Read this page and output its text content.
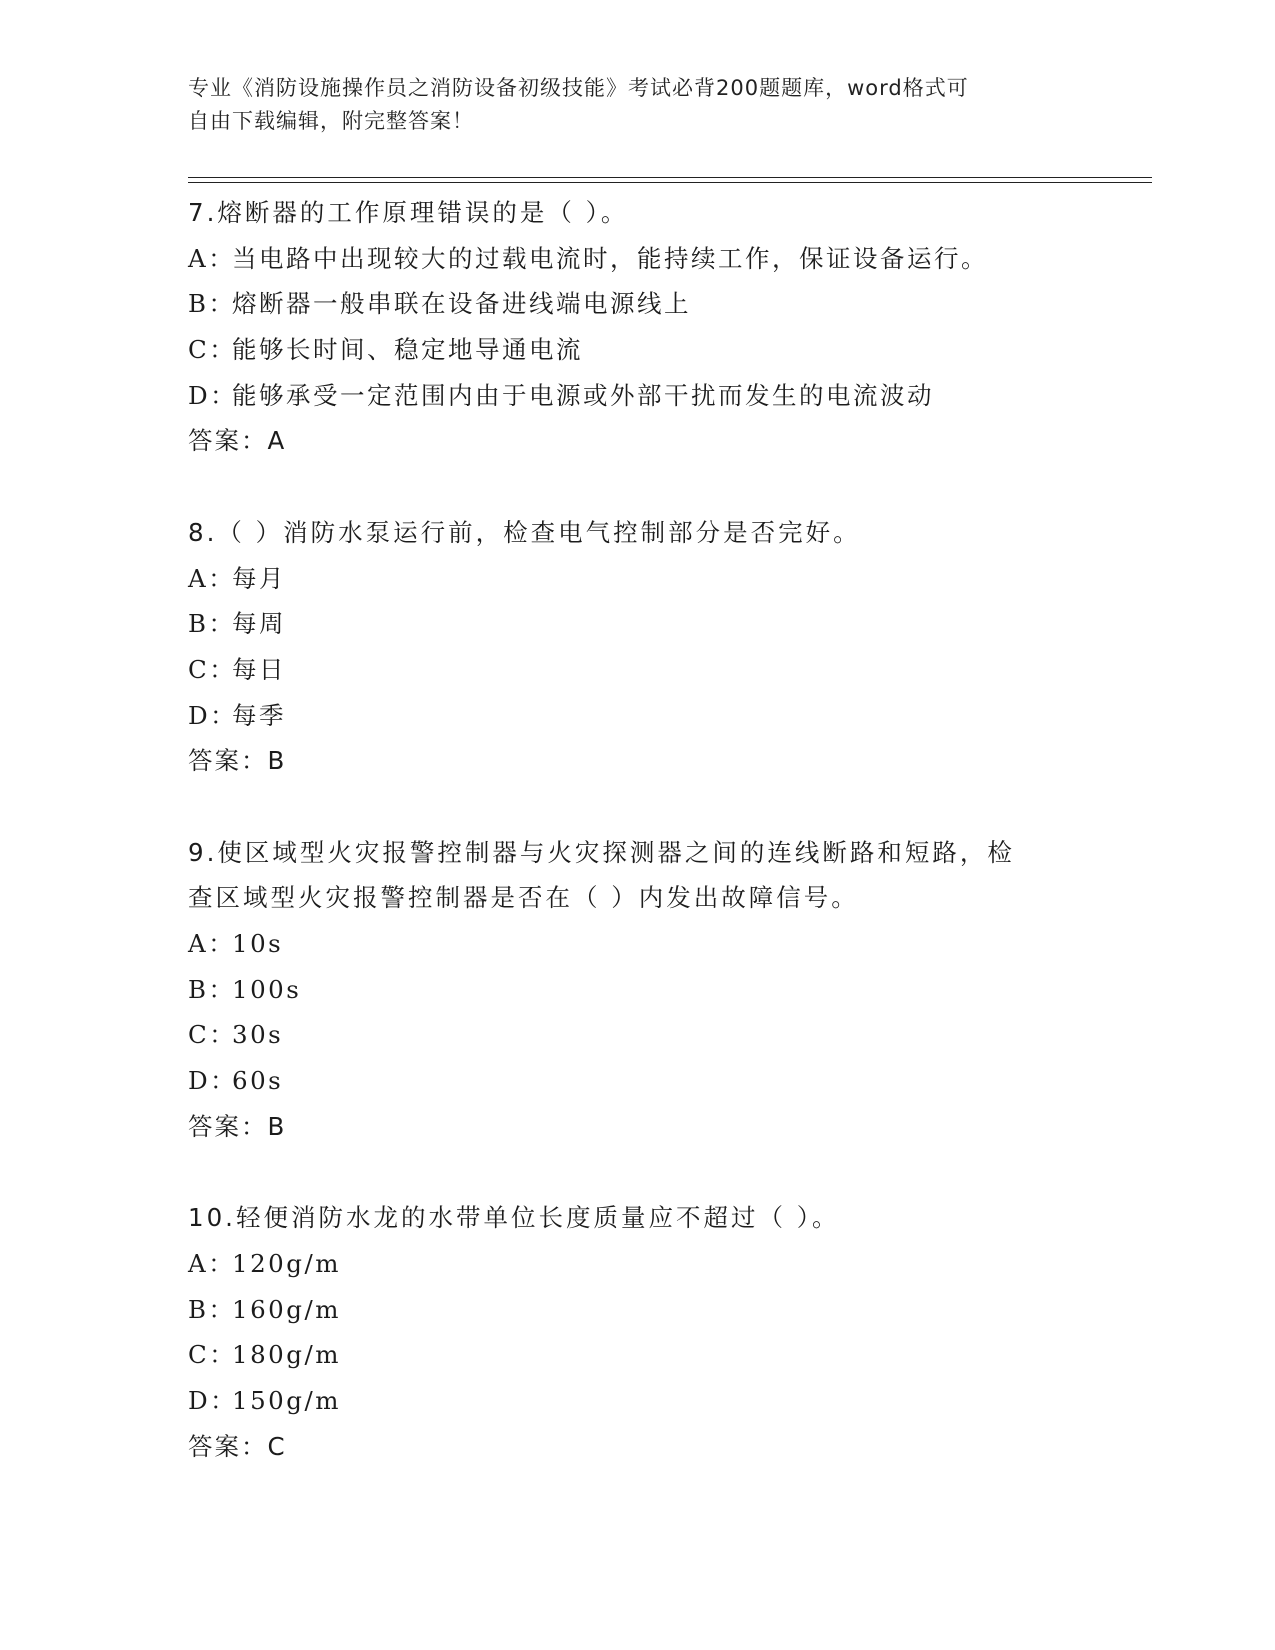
专业《消防设施操作员之消防设备初级技能》考试必背200题题库，word格式可
自由下载编辑，附完整答案！
7.熔断器的工作原理错误的是（ ）。
A：当电路中出现较大的过载电流时，能持续工作，保证设备运行。
B：熔断器一般串联在设备进线端电源线上
C：能够长时间、稳定地导通电流
D：能够承受一定范围内由于电源或外部干扰而发生的电流波动
答案：A
8.（ ）消防水泵运行前，检查电气控制部分是否完好。
A：每月
B：每周
C：每日
D：每季
答案：B
9.使区域型火灾报警控制器与火灾探测器之间的连线断路和短路，检
查区域型火灾报警控制器是否在（ ）内发出故障信号。
A：10s
B：100s
C：30s
D：60s
答案：B
10.轻便消防水龙的水带单位长度质量应不超过（ ）。
A：120g/m
B：160g/m
C：180g/m
D：150g/m
答案：C
